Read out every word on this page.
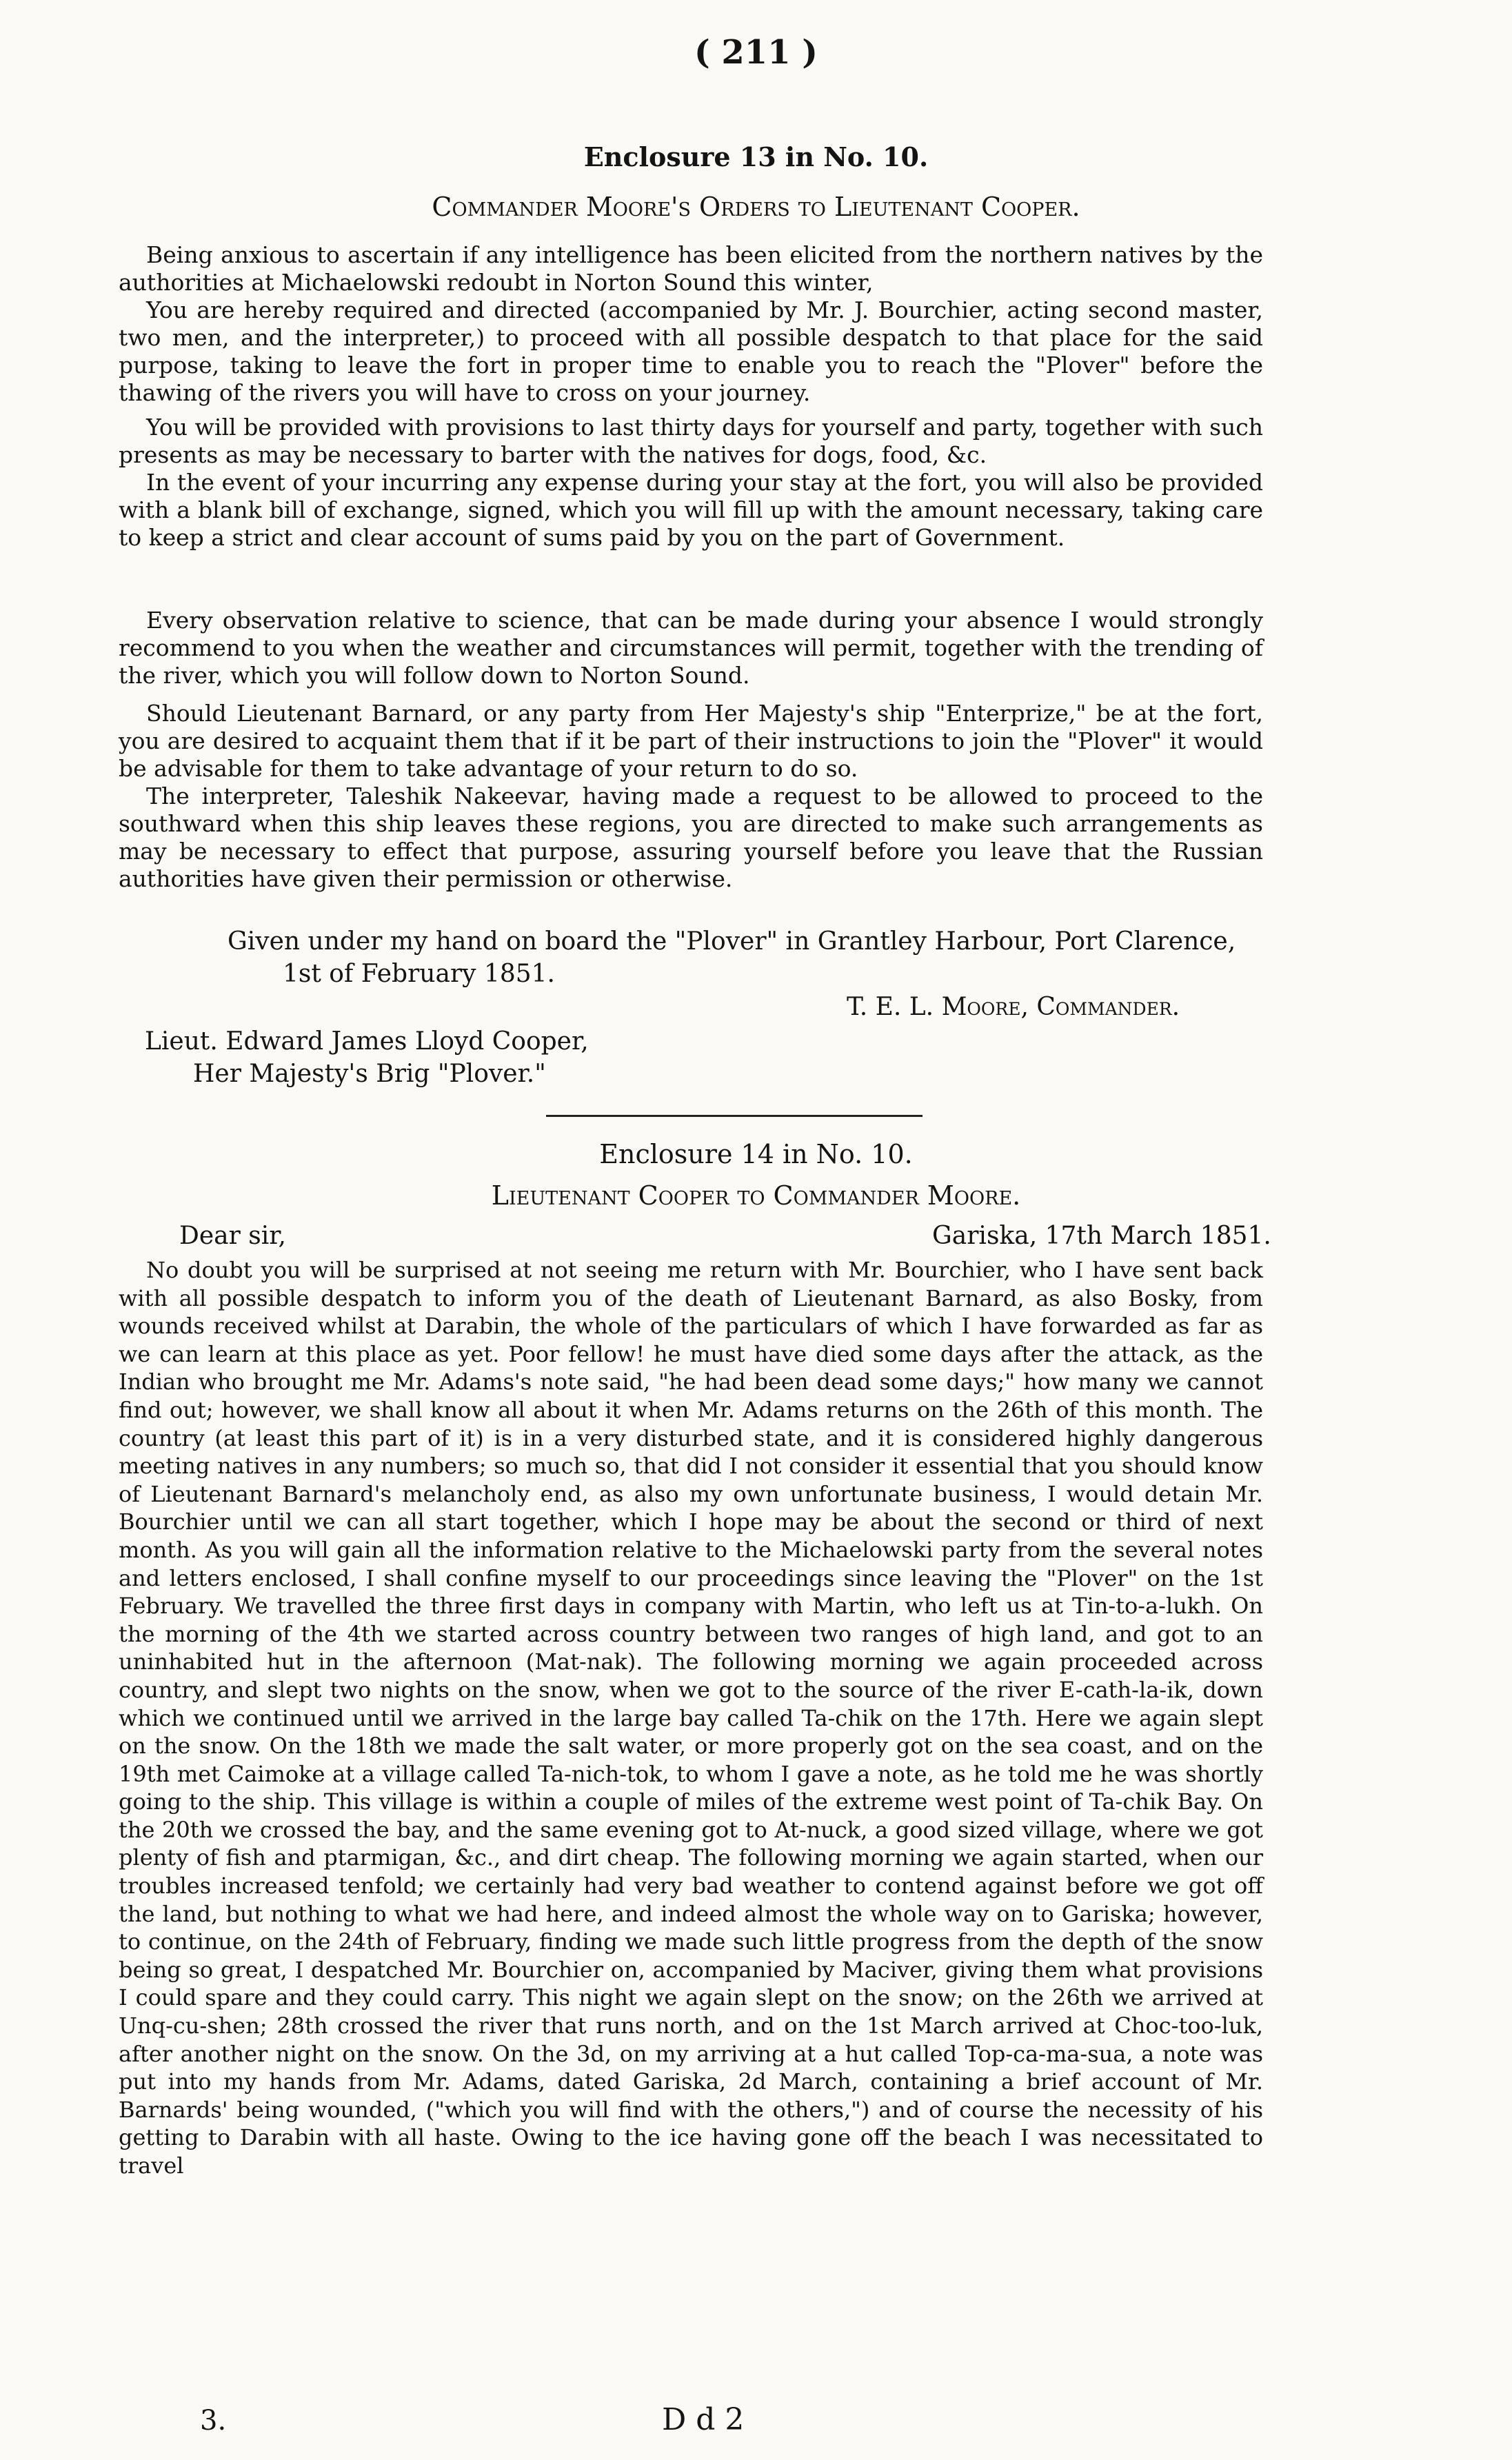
( 211 )
Enclosure 13 in No. 10.
Commander Moore's Orders to Lieutenant Cooper.
Being anxious to ascertain if any intelligence has been elicited from the northern natives by the authorities at Michaelowski redoubt in Norton Sound this winter,
You are hereby required and directed (accompanied by Mr. J. Bourchier, acting second master, two men, and the interpreter,) to proceed with all possible despatch to that place for the said purpose, taking to leave the fort in proper time to enable you to reach the "Plover" before the thawing of the rivers you will have to cross on your journey.
You will be provided with provisions to last thirty days for yourself and party, together with such presents as may be necessary to barter with the natives for dogs, food, &c.
In the event of your incurring any expense during your stay at the fort, you will also be provided with a blank bill of exchange, signed, which you will fill up with the amount necessary, taking care to keep a strict and clear account of sums paid by you on the part of Government.
Every observation relative to science, that can be made during your absence I would strongly recommend to you when the weather and circumstances will permit, together with the trending of the river, which you will follow down to Norton Sound.
Should Lieutenant Barnard, or any party from Her Majesty's ship "Enterprize," be at the fort, you are desired to acquaint them that if it be part of their instructions to join the "Plover" it would be advisable for them to take advantage of your return to do so.
The interpreter, Taleshik Nakeevar, having made a request to be allowed to proceed to the southward when this ship leaves these regions, you are directed to make such arrangements as may be necessary to effect that purpose, assuring yourself before you leave that the Russian authorities have given their permission or otherwise.
Given under my hand on board the "Plover" in Grantley Harbour, Port Clarence,
1st of February 1851.
T. E. L. Moore, Commander.
Lieut. Edward James Lloyd Cooper,
Her Majesty's Brig "Plover."
Enclosure 14 in No. 10.
Lieutenant Cooper to Commander Moore.
Dear sir,	Gariska, 17th March 1851.
No doubt you will be surprised at not seeing me return with Mr. Bourchier, who I have sent back with all possible despatch to inform you of the death of Lieutenant Barnard, as also Bosky, from wounds received whilst at Darabin, the whole of the particulars of which I have forwarded as far as we can learn at this place as yet. Poor fellow! he must have died some days after the attack, as the Indian who brought me Mr. Adams's note said, "he had been dead some days;" how many we cannot find out; however, we shall know all about it when Mr. Adams returns on the 26th of this month. The country (at least this part of it) is in a very disturbed state, and it is considered highly dangerous meeting natives in any numbers; so much so, that did I not consider it essential that you should know of Lieutenant Barnard's melancholy end, as also my own unfortunate business, I would detain Mr. Bourchier until we can all start together, which I hope may be about the second or third of next month. As you will gain all the information relative to the Michaelowski party from the several notes and letters enclosed, I shall confine myself to our proceedings since leaving the "Plover" on the 1st February. We travelled the three first days in company with Martin, who left us at Tin-to-a-lukh. On the morning of the 4th we started across country between two ranges of high land, and got to an uninhabited hut in the afternoon (Mat-nak). The following morning we again proceeded across country, and slept two nights on the snow, when we got to the source of the river E-cath-la-ik, down which we continued until we arrived in the large bay called Ta-chik on the 17th. Here we again slept on the snow. On the 18th we made the salt water, or more properly got on the sea coast, and on the 19th met Caimoke at a village called Ta-nich-tok, to whom I gave a note, as he told me he was shortly going to the ship. This village is within a couple of miles of the extreme west point of Ta-chik Bay. On the 20th we crossed the bay, and the same evening got to At-nuck, a good sized village, where we got plenty of fish and ptarmigan, &c., and dirt cheap. The following morning we again started, when our troubles increased tenfold; we certainly had very bad weather to contend against before we got off the land, but nothing to what we had here, and indeed almost the whole way on to Gariska; however, to continue, on the 24th of February, finding we made such little progress from the depth of the snow being so great, I despatched Mr. Bourchier on, accompanied by Maciver, giving them what provisions I could spare and they could carry. This night we again slept on the snow; on the 26th we arrived at Unq-cu-shen; 28th crossed the river that runs north, and on the 1st March arrived at Choc-too-luk, after another night on the snow. On the 3d, on my arriving at a hut called Top-ca-ma-sua, a note was put into my hands from Mr. Adams, dated Gariska, 2d March, containing a brief account of Mr. Barnards' being wounded, ("which you will find with the others,") and of course the necessity of his getting to Darabin with all haste. Owing to the ice having gone off the beach I was necessitated to travel
3.	D d 2
